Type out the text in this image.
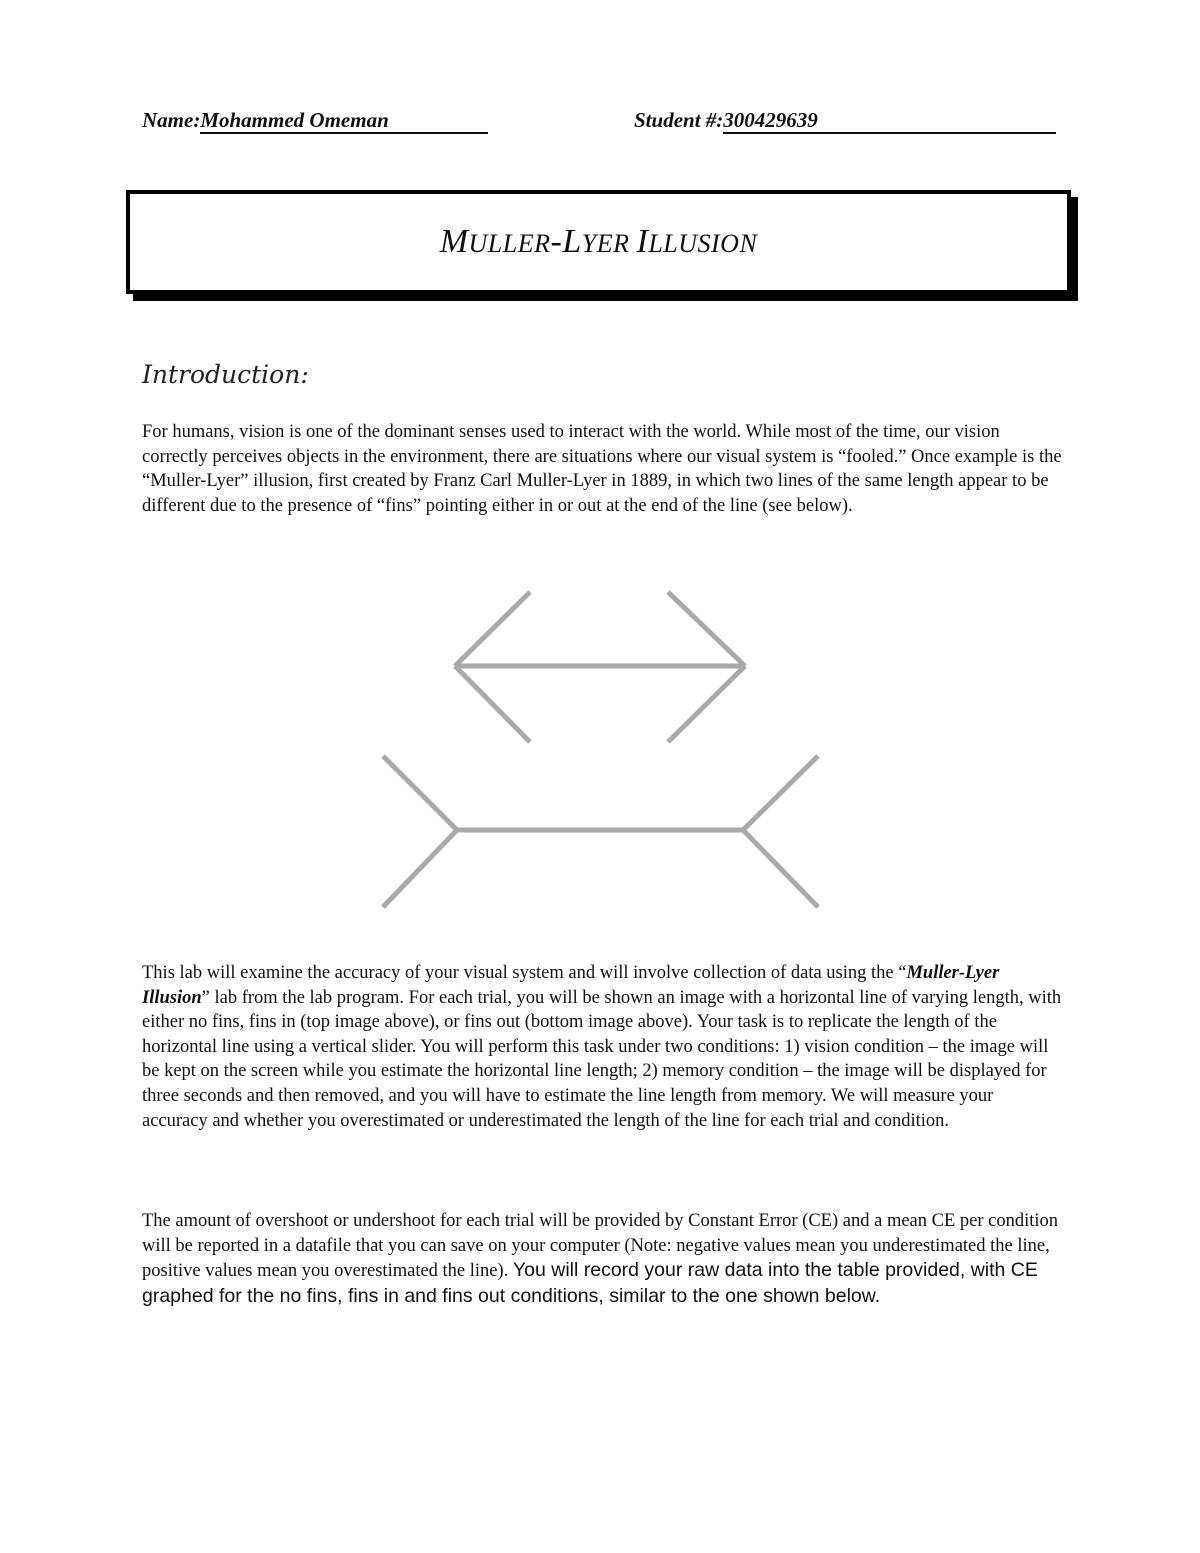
Name:Mohammed Omeman	Student #:300429639
MULLER-LYER ILLUSION
Introduction:

For humans, vision is one of the dominant senses used to interact with the world. While most of the time, our vision correctly perceives objects in the environment, there are situations where our visual system is “fooled.” Once example is the “Muller-Lyer” illusion, first created by Franz Carl Muller-Lyer in 1889, in which two lines of the same length appear to be different due to the presence of “fins” pointing either in or out at the end of the line (see below).

This lab will examine the accuracy of your visual system and will involve collection of data using the “Muller-Lyer Illusion” lab from the lab program. For each trial, you will be shown an image with a horizontal line of varying length, with either no fins, fins in (top image above), or fins out (bottom image above). Your task is to replicate the length of the horizontal line using a vertical slider. You will perform this task under two conditions: 1) vision condition – the image will be kept on the screen while you estimate the horizontal line length; 2) memory condition – the image will be displayed for three seconds and then removed, and you will have to estimate the line length from memory. We will measure your accuracy and whether you overestimated or underestimated the length of the line for each trial and condition.

The amount of overshoot or undershoot for each trial will be provided by Constant Error (CE) and a mean CE per condition will be reported in a datafile that you can save on your computer (Note: negative values mean you underestimated the line, positive values mean you overestimated the line). You will record your raw data into the table provided, with CE graphed for the no fins, fins in and fins out conditions, similar to the one shown below.
